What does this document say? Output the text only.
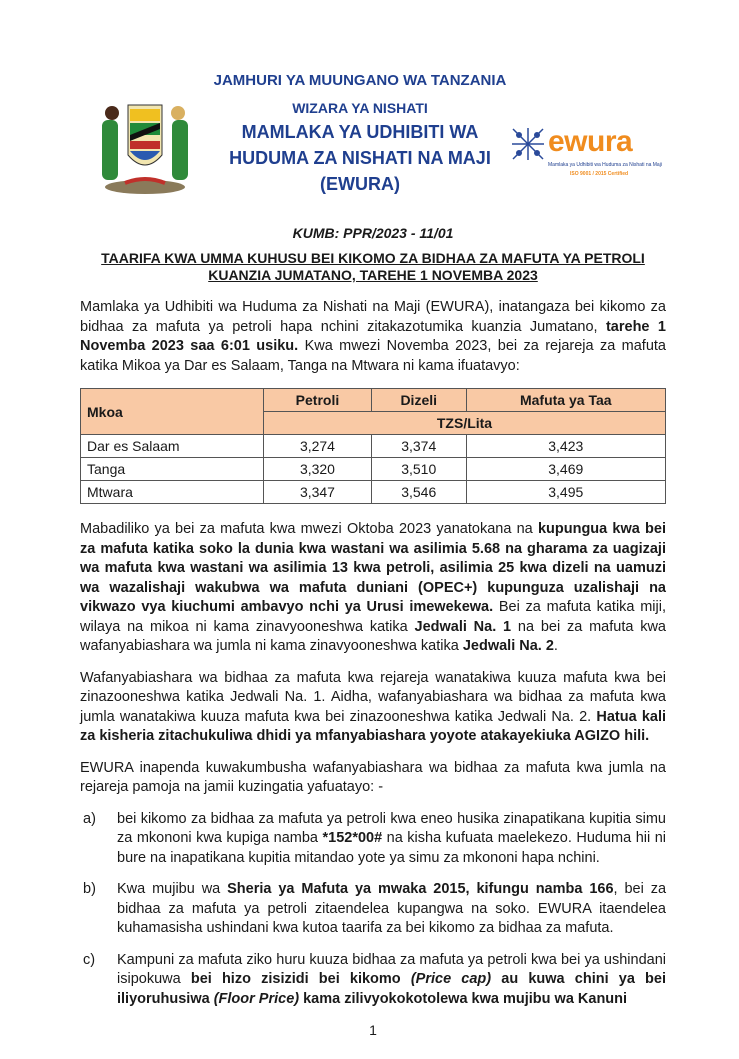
JAMHURI YA MUUNGANO WA TANZANIA
WIZARA YA NISHATI
MAMLAKA YA UDHIBITI WA
HUDUMA ZA NISHATI NA MAJI
(EWURA)
ewura
Mamlaka ya Udhibiti wa Huduma za Nishati na Maji
ISO 9001 / 2015 Certified
KUMB: PPR/2023 - 11/01
TAARIFA KWA UMMA KUHUSU BEI KIKOMO ZA BIDHAA ZA MAFUTA YA PETROLI KUANZIA JUMATANO, TAREHE 1 NOVEMBA 2023
Mamlaka ya Udhibiti wa Huduma za Nishati na Maji (EWURA), inatangaza bei kikomo za bidhaa za mafuta ya petroli hapa nchini zitakazotumika kuanzia Jumatano, tarehe 1 Novemba 2023 saa 6:01 usiku. Kwa mwezi Novemba 2023, bei za rejareja za mafuta katika Mikoa ya Dar es Salaam, Tanga na Mtwara ni kama ifuatavyo:
Mkoa	Petroli	Dizeli	Mafuta ya Taa
	TZS/Lita		
Dar es Salaam	3,274	3,374	3,423
Tanga	3,320	3,510	3,469
Mtwara	3,347	3,546	3,495
Mabadiliko ya bei za mafuta kwa mwezi Oktoba 2023 yanatokana na kupungua kwa bei za mafuta katika soko la dunia kwa wastani wa asilimia 5.68 na gharama za uagizaji wa mafuta kwa wastani wa asilimia 13 kwa petroli, asilimia 25 kwa dizeli na uamuzi wa wazalishaji wakubwa wa mafuta duniani (OPEC+) kupunguza uzalishaji na vikwazo vya kiuchumi ambavyo nchi ya Urusi imewekewa. Bei za mafuta katika miji, wilaya na mikoa ni kama zinavyooneshwa katika Jedwali Na. 1 na bei za mafuta kwa wafanyabiashara wa jumla ni kama zinavyooneshwa katika Jedwali Na. 2.
Wafanyabiashara wa bidhaa za mafuta kwa rejareja wanatakiwa kuuza mafuta kwa bei zinazooneshwa katika Jedwali Na. 1. Aidha, wafanyabiashara wa bidhaa za mafuta kwa jumla wanatakiwa kuuza mafuta kwa bei zinazooneshwa katika Jedwali Na. 2. Hatua kali za kisheria zitachukuliwa dhidi ya mfanyabiashara yoyote atakayekiuka AGIZO hili.
EWURA inapenda kuwakumbusha wafanyabiashara wa bidhaa za mafuta kwa jumla na rejareja pamoja na jamii kuzingatia yafuatayo: -
a)	bei kikomo za bidhaa za mafuta ya petroli kwa eneo husika zinapatikana kupitia simu za mkononi kwa kupiga namba *152*00# na kisha kufuata maelekezo. Huduma hii ni bure na inapatikana kupitia mitandao yote ya simu za mkononi hapa nchini.
b)	Kwa mujibu wa Sheria ya Mafuta ya mwaka 2015, kifungu namba 166, bei za bidhaa za mafuta ya petroli zitaendelea kupangwa na soko. EWURA itaendelea kuhamasisha ushindani kwa kutoa taarifa za bei kikomo za bidhaa za mafuta.
c)	Kampuni za mafuta ziko huru kuuza bidhaa za mafuta ya petroli kwa bei ya ushindani isipokuwa bei hizo zisizidi bei kikomo (Price cap) au kuwa chini ya bei iliyoruhusiwa (Floor Price) kama zilivyokokotolewa kwa mujibu wa Kanuni
1
